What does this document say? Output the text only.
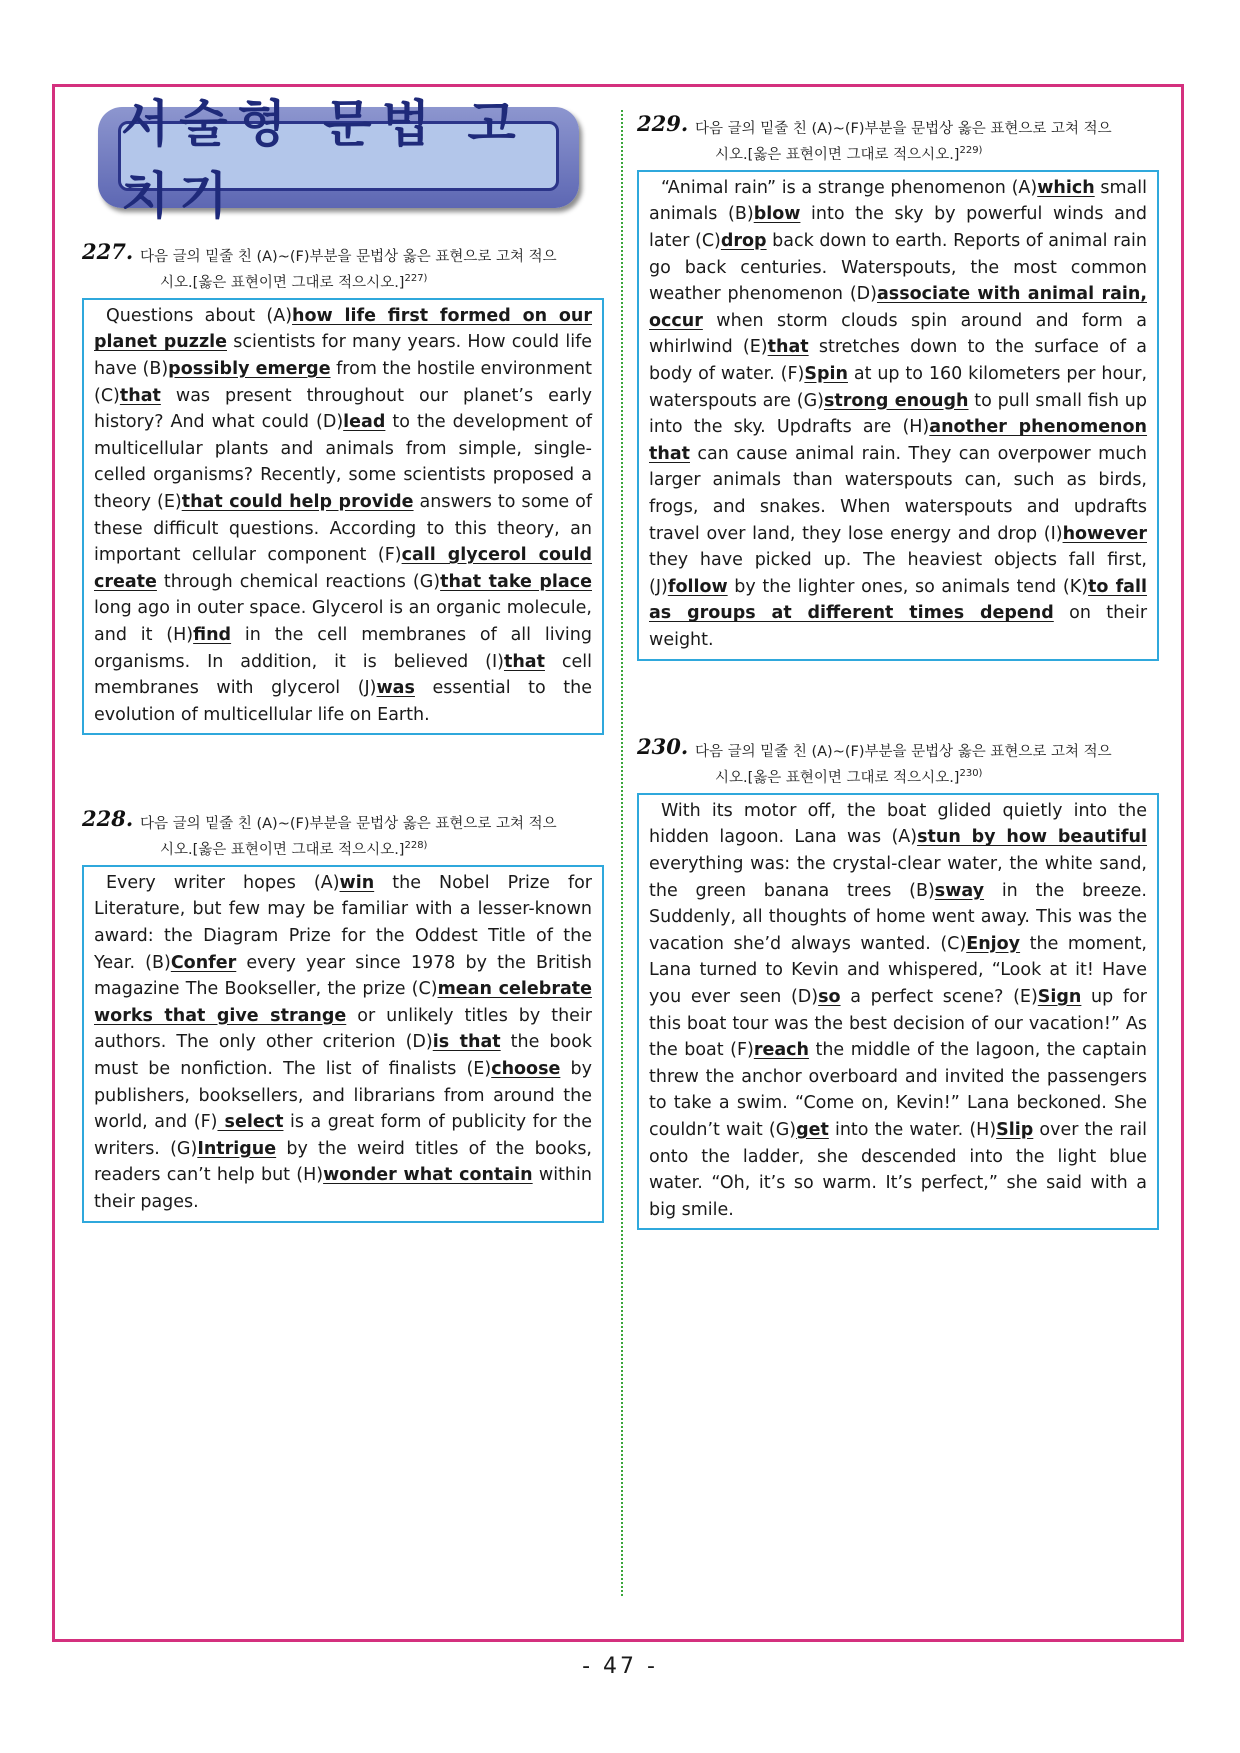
서술형 문법 고치기
227. 다음 글의 밑줄 친 (A)~(F)부분을 문법상 옳은 표현으로 고쳐 적으
시오.[옳은 표현이면 그대로 적으시오.]$^{227)}$
Questions about (A)how life first formed on our planet puzzle scientists for many years. How could life have (B)possibly emerge from the hostile environment (C)that was present throughout our planet’s early history? And what could (D)lead to the development of multicellular plants and animals from simple, single-celled organisms? Recently, some scientists proposed a theory (E)that could help provide answers to some of these difficult questions. According to this theory, an important cellular component (F)call glycerol could create through chemical reactions (G)that take place long ago in outer space. Glycerol is an organic molecule, and it (H)find in the cell membranes of all living organisms. In addition, it is believed (I)that cell membranes with glycerol (J)was essential to the evolution of multicellular life on Earth.
228. 다음 글의 밑줄 친 (A)~(F)부분을 문법상 옳은 표현으로 고쳐 적으
시오.[옳은 표현이면 그대로 적으시오.]$^{228)}$
Every writer hopes (A)win the Nobel Prize for Literature, but few may be familiar with a lesser-known award: the Diagram Prize for the Oddest Title of the Year. (B)Confer every year since 1978 by the British magazine The Bookseller, the prize (C)mean celebrate works that give strange or unlikely titles by their authors. The only other criterion (D)is that the book must be nonfiction. The list of finalists (E)choose by publishers, booksellers, and librarians from around the world, and (F) select is a great form of publicity for the writers. (G)Intrigue by the weird titles of the books, readers can’t help but (H)wonder what contain within their pages.
229. 다음 글의 밑줄 친 (A)~(F)부분을 문법상 옳은 표현으로 고쳐 적으
시오.[옳은 표현이면 그대로 적으시오.]$^{229)}$
“Animal rain” is a strange phenomenon (A)which small animals (B)blow into the sky by powerful winds and later (C)drop back down to earth. Reports of animal rain go back centuries. Waterspouts, the most common weather phenomenon (D)associate with animal rain, occur when storm clouds spin around and form a whirlwind (E)that stretches down to the surface of a body of water. (F)Spin at up to 160 kilometers per hour, waterspouts are (G)strong enough to pull small fish up into the sky. Updrafts are (H)another phenomenon that can cause animal rain. They can overpower much larger animals than waterspouts can, such as birds, frogs, and snakes. When waterspouts and updrafts travel over land, they lose energy and drop (I)however they have picked up. The heaviest objects fall first, (J)follow by the lighter ones, so animals tend (K)to fall as groups at different times depend on their weight.
230. 다음 글의 밑줄 친 (A)~(F)부분을 문법상 옳은 표현으로 고쳐 적으
시오.[옳은 표현이면 그대로 적으시오.]$^{230)}$
With its motor off, the boat glided quietly into the hidden lagoon. Lana was (A)stun by how beautiful everything was: the crystal-clear water, the white sand, the green banana trees (B)sway in the breeze. Suddenly, all thoughts of home went away. This was the vacation she’d always wanted. (C)Enjoy the moment, Lana turned to Kevin and whispered, “Look at it! Have you ever seen (D)so a perfect scene? (E)Sign up for this boat tour was the best decision of our vacation!” As the boat (F)reach the middle of the lagoon, the captain threw the anchor overboard and invited the passengers to take a swim. “Come on, Kevin!” Lana beckoned. She couldn’t wait (G)get into the water. (H)Slip over the rail onto the ladder, she descended into the light blue water. “Oh, it’s so warm. It’s perfect,” she said with a big smile.
- 47 -
